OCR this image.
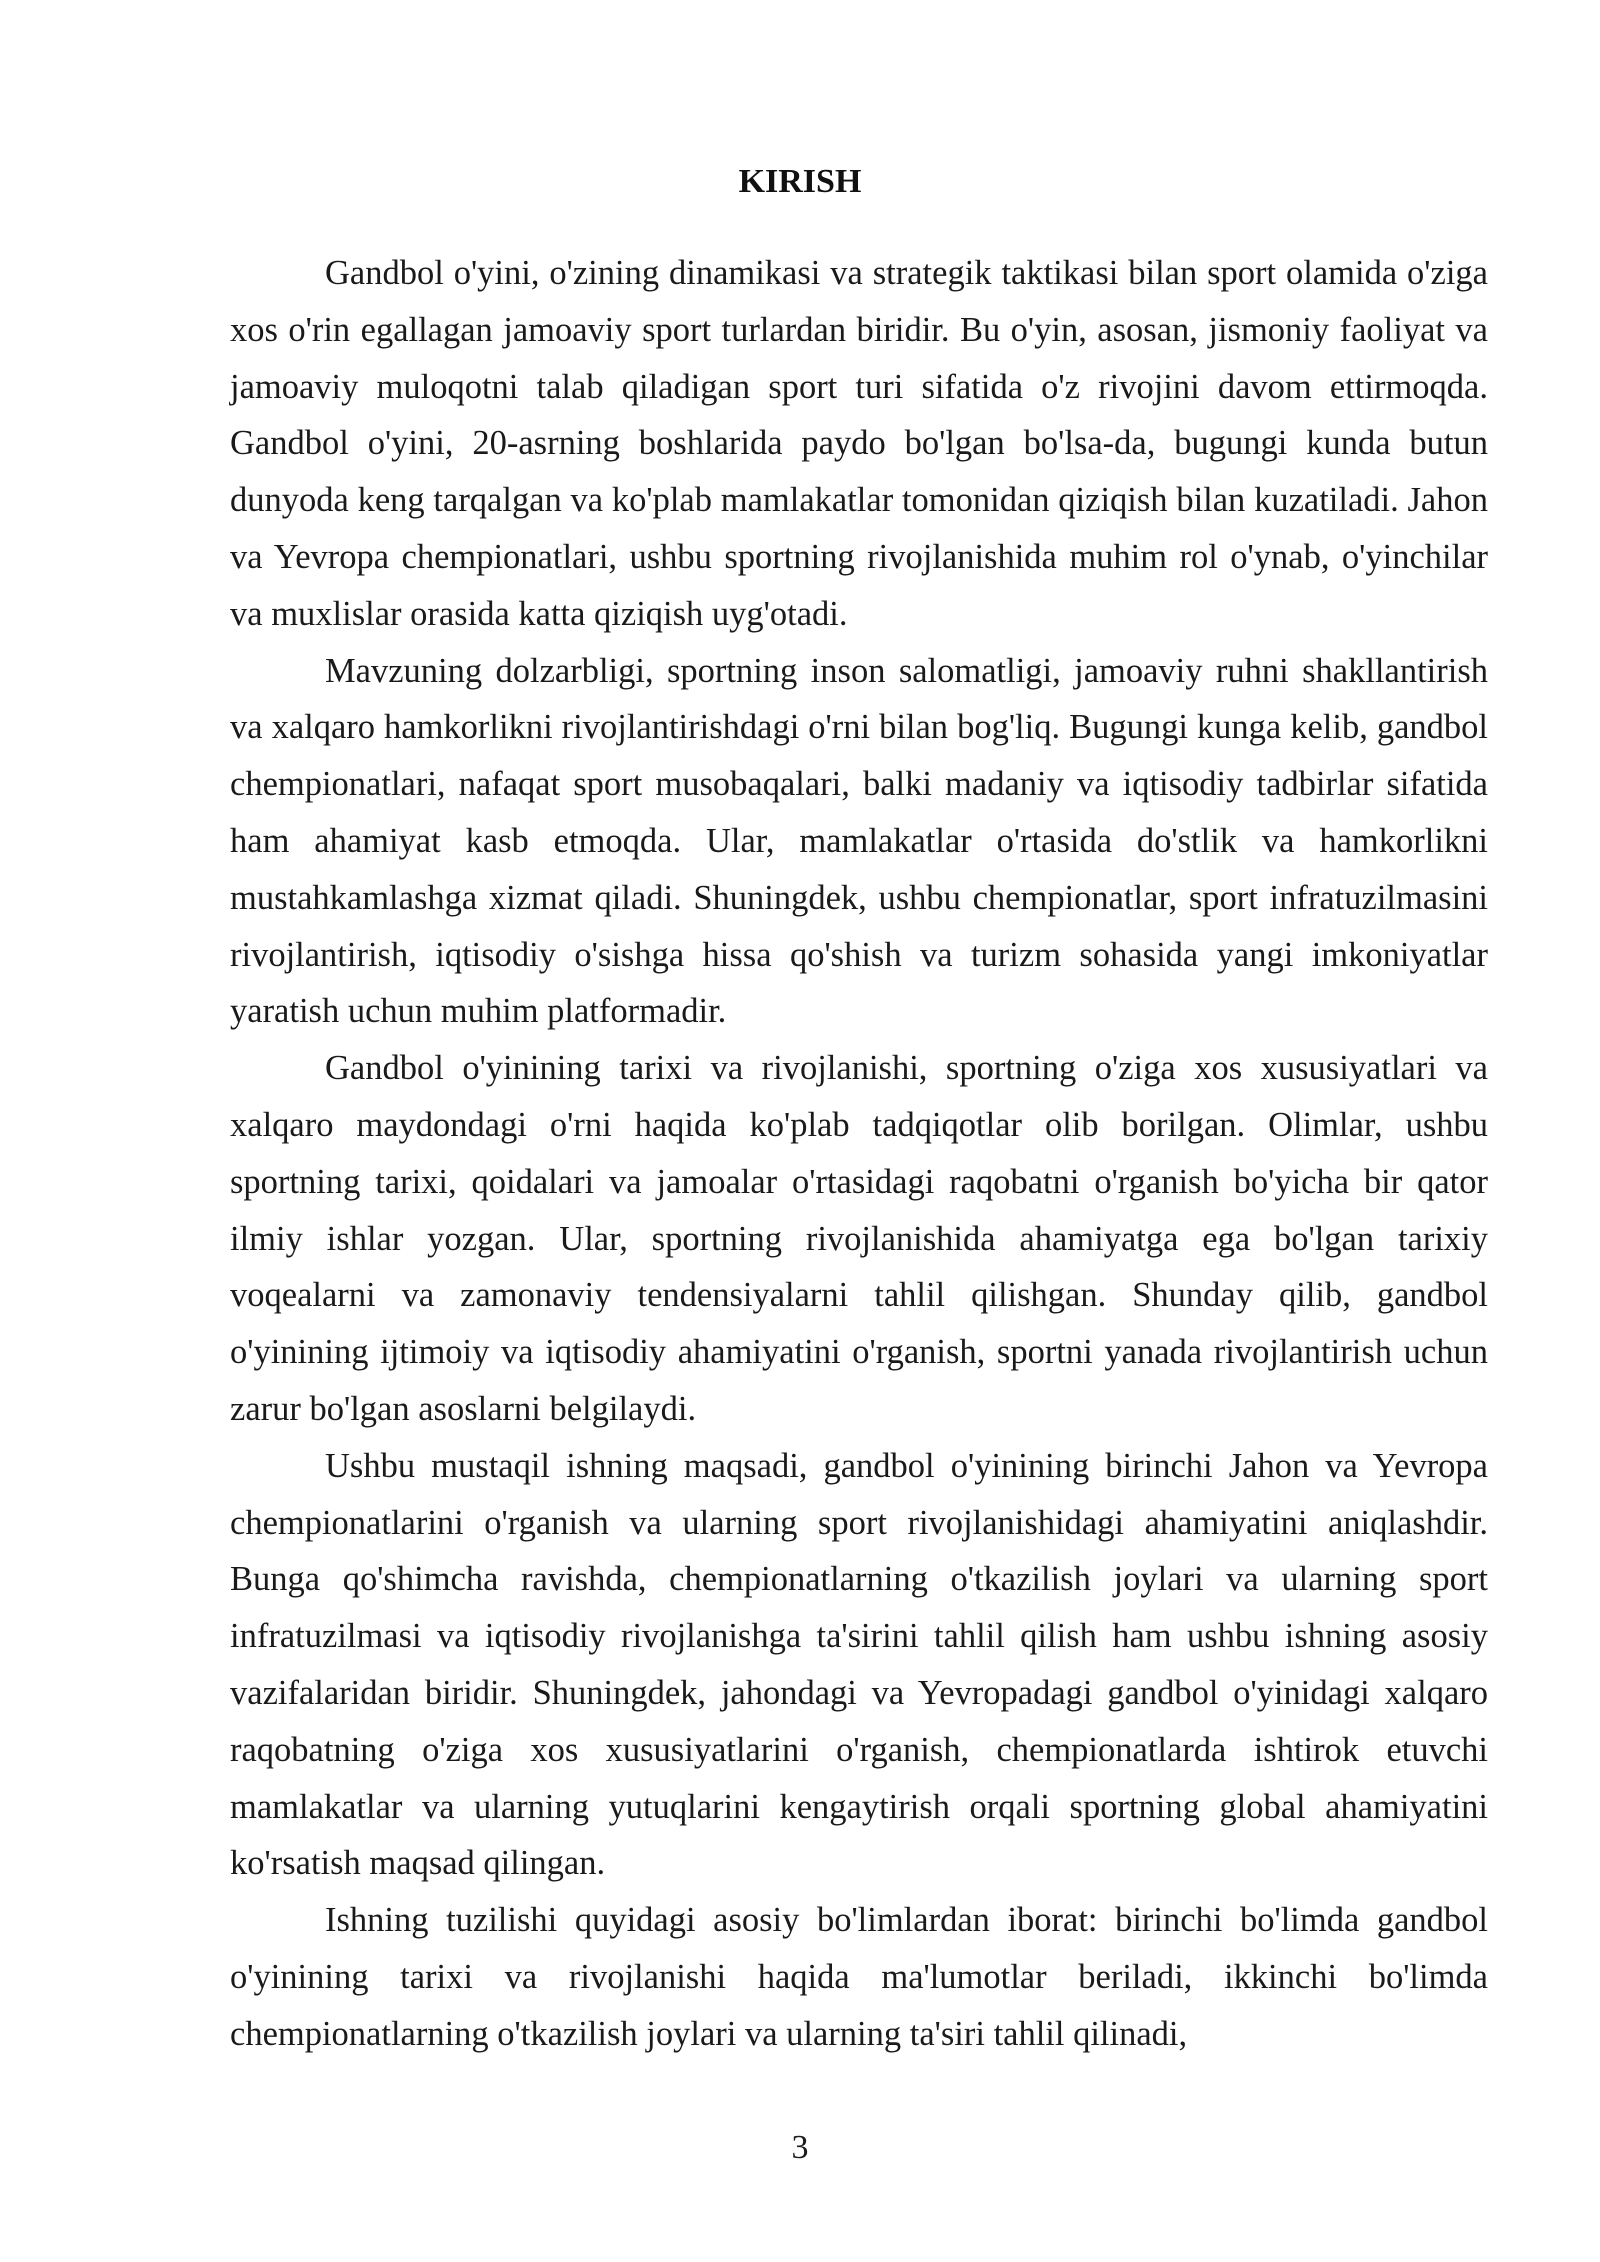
KIRISH

Gandbol o'yini, o'zining dinamikasi va strategik taktikasi bilan sport olamida o'ziga xos o'rin egallagan jamoaviy sport turlardan biridir. Bu o'yin, asosan, jismoniy faoliyat va jamoaviy muloqotni talab qiladigan sport turi sifatida o'z rivojini davom ettirmoqda. Gandbol o'yini, 20-asrning boshlarida paydo bo'lgan bo'lsa-da, bugungi kunda butun dunyoda keng tarqalgan va ko'plab mamlakatlar tomonidan qiziqish bilan kuzatiladi. Jahon va Yevropa chempionatlari, ushbu sportning rivojlanishida muhim rol o'ynab, o'yinchilar va muxlislar orasida katta qiziqish uyg'otadi.

Mavzuning dolzarbligi, sportning inson salomatligi, jamoaviy ruhni shakllantirish va xalqaro hamkorlikni rivojlantirishdagi o'rni bilan bog'liq. Bugungi kunga kelib, gandbol chempionatlari, nafaqat sport musobaqalari, balki madaniy va iqtisodiy tadbirlar sifatida ham ahamiyat kasb etmoqda. Ular, mamlakatlar o'rtasida do'stlik va hamkorlikni mustahkamlashga xizmat qiladi. Shuningdek, ushbu chempionatlar, sport infratuzilmasini rivojlantirish, iqtisodiy o'sishga hissa qo'shish va turizm sohasida yangi imkoniyatlar yaratish uchun muhim platformadir.

Gandbol o'yinining tarixi va rivojlanishi, sportning o'ziga xos xususiyatlari va xalqaro maydondagi o'rni haqida ko'plab tadqiqotlar olib borilgan. Olimlar, ushbu sportning tarixi, qoidalari va jamoalar o'rtasidagi raqobatni o'rganish bo'yicha bir qator ilmiy ishlar yozgan. Ular, sportning rivojlanishida ahamiyatga ega bo'lgan tarixiy voqealarni va zamonaviy tendensiyalarni tahlil qilishgan. Shunday qilib, gandbol o'yinining ijtimoiy va iqtisodiy ahamiyatini o'rganish, sportni yanada rivojlantirish uchun zarur bo'lgan asoslarni belgilaydi.

Ushbu mustaqil ishning maqsadi, gandbol o'yinining birinchi Jahon va Yevropa chempionatlarini o'rganish va ularning sport rivojlanishidagi ahamiyatini aniqlashdir. Bunga qo'shimcha ravishda, chempionatlarning o'tkazilish joylari va ularning sport infratuzilmasi va iqtisodiy rivojlanishga ta'sirini tahlil qilish ham ushbu ishning asosiy vazifalaridan biridir. Shuningdek, jahondagi va Yevropadagi gandbol o'yinidagi xalqaro raqobatning o'ziga xos xususiyatlarini o'rganish, chempionatlarda ishtirok etuvchi mamlakatlar va ularning yutuqlarini kengaytirish orqali sportning global ahamiyatini ko'rsatish maqsad qilingan.

Ishning tuzilishi quyidagi asosiy bo'limlardan iborat: birinchi bo'limda gandbol o'yinining tarixi va rivojlanishi haqida ma'lumotlar beriladi, ikkinchi bo'limda chempionatlarning o'tkazilish joylari va ularning ta'siri tahlil qilinadi,

3
